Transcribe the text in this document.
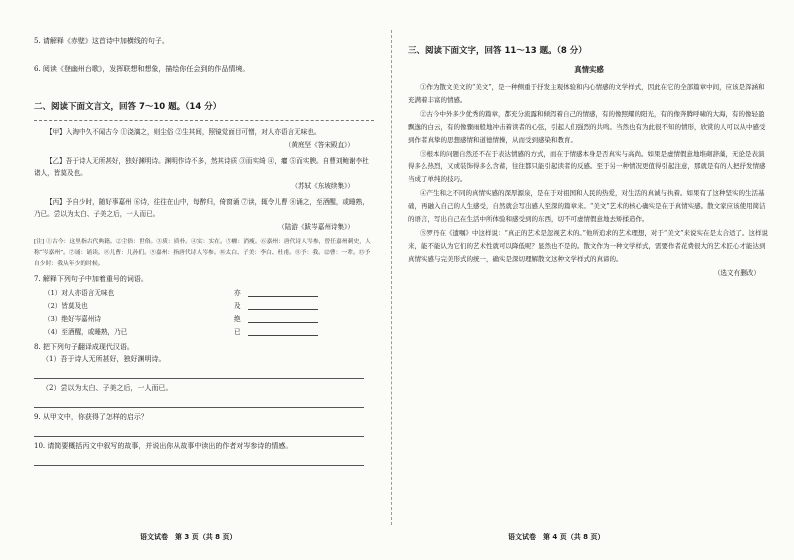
5. 请解释《赤壁》这首诗中加横线的句子。

6. 阅读《登幽州台歌》，发挥联想和想象，描绘你任会到的作品情境。

二、阅读下面文言文，回答 7～10 题。（14 分）

【甲】入淘中久不闻古今 ①浇漓之，则尘俗 ②生其间，照镜觉面目可憎，对人亦语言无味也。

（黄庭坚《答宋殿直》）

【乙】吾于诗人无所甚好，独好渊明诗。渊明作诗不多，然其诗质 ③而实绮 ④，癯 ⑤而实腴。自曹刘鲍谢李杜诸人，皆莫及也。

（苏轼《东坡续集》）

【丙】予自少时，随好事嘉州 ⑥诗，往往在山中，每醉归，倚窗诵 ⑦读，辄令儿曹 ⑧诵之，至酒醒，或睡熟，乃已。尝以为太白、子美之后，一人而已。

（陆游《跋岑嘉州诗集》）

[注] ①古今：这里指古代典籍。②尘俗：世俗。③质：质朴。④实：实在。⑤癯：消瘦。⑥嘉州：唐代诗人岑参，曾任嘉州刺史，人称“岑嘉州”。⑦诵：诵读。⑧儿曹：儿孙们。⑨嘉州：指唐代诗人岑参。⑩太白、子美：李白、杜甫。⑪予：我。⑫曹：一辈。⑬予自少时：我从年少的时候。

7. 解释下列句子中加着重号的词语。
（1）对人亦语言无味也	亦
（2）皆莫及也	及
（3）绝好岑嘉州诗	绝
（4）至酒醒，或睡熟，乃已	已
8. 把下列句子翻译成现代汉语。
（1）吾于诗人无所甚好，独好渊明诗。
（2）尝以为太白、子美之后，一人而已。
9. 从甲文中，你获得了怎样的启示？
10. 请简要概括丙文中叙写的故事，并说出你从故事中读出的作者对岑参诗的情感。
语文试卷　第 3 页（共 8 页）
三、阅读下面文字，回答 11～13 题。（8 分）
真情实感

①作为散文美文的“美文”，是一种侧重于抒发主观体验和内心情感的文学样式，因此在它的全部篇章中间，应该是浑涵和充满着丰富的情感。

②古今中外多少优秀的篇章，都充分流露和倾泻着自己的情感，有的像照耀的阳光，有的像奔腾呼啸的大海，有的像轻盈飘逸的白云，有的像骤雨般地冲击着读者的心弦，引起人们强烈的共鸣。当然也有为此很不知的情形，欣赏的人可以从中感受到作者真挚的思想感情和道德情操，从而受到感染和教育。

③根本的问题自然还不在于表达情感的方式，而在于情感本身是否真实与高尚。如果是虚情假意地堆砌辞藻，无论是表演得多么热烈，又或装饰得多么含蓄，往往都只能引起读者的反感。至于另一种情况更值得引起注意，那就是有的人把抒发情感当成了单纯的技巧。

④产生和之不同的真情实感的深厚源泉，是在于对祖国和人民的热爱，对生活的真诚与执着。如果有了这种坚实的生活基础，再融入自己的人生感受，自然就会写出感人至深的篇章来。“美文”艺术的核心确实是在于真情实感。散文家应该使用简洁的语言，写出自己在生活中所体验和感受到的东西，切不可虚情假意地去矫揉造作。

⑤罗丹在《遗嘱》中这样说：“真正的艺术是忽视艺术的。”他所追求的艺术理想，对于“美文”来说实在是太合适了。这样说来，能不能认为它们的艺术性就可以降低呢？显然也不是的。散文作为一种文学样式，需要作者花费很大的艺术匠心才能达到真情实感与完美形式的统一，确实是深切理解散文这种文学样式的真谛的。

（选文有删改）
语文试卷　第 4 页（共 8 页）
